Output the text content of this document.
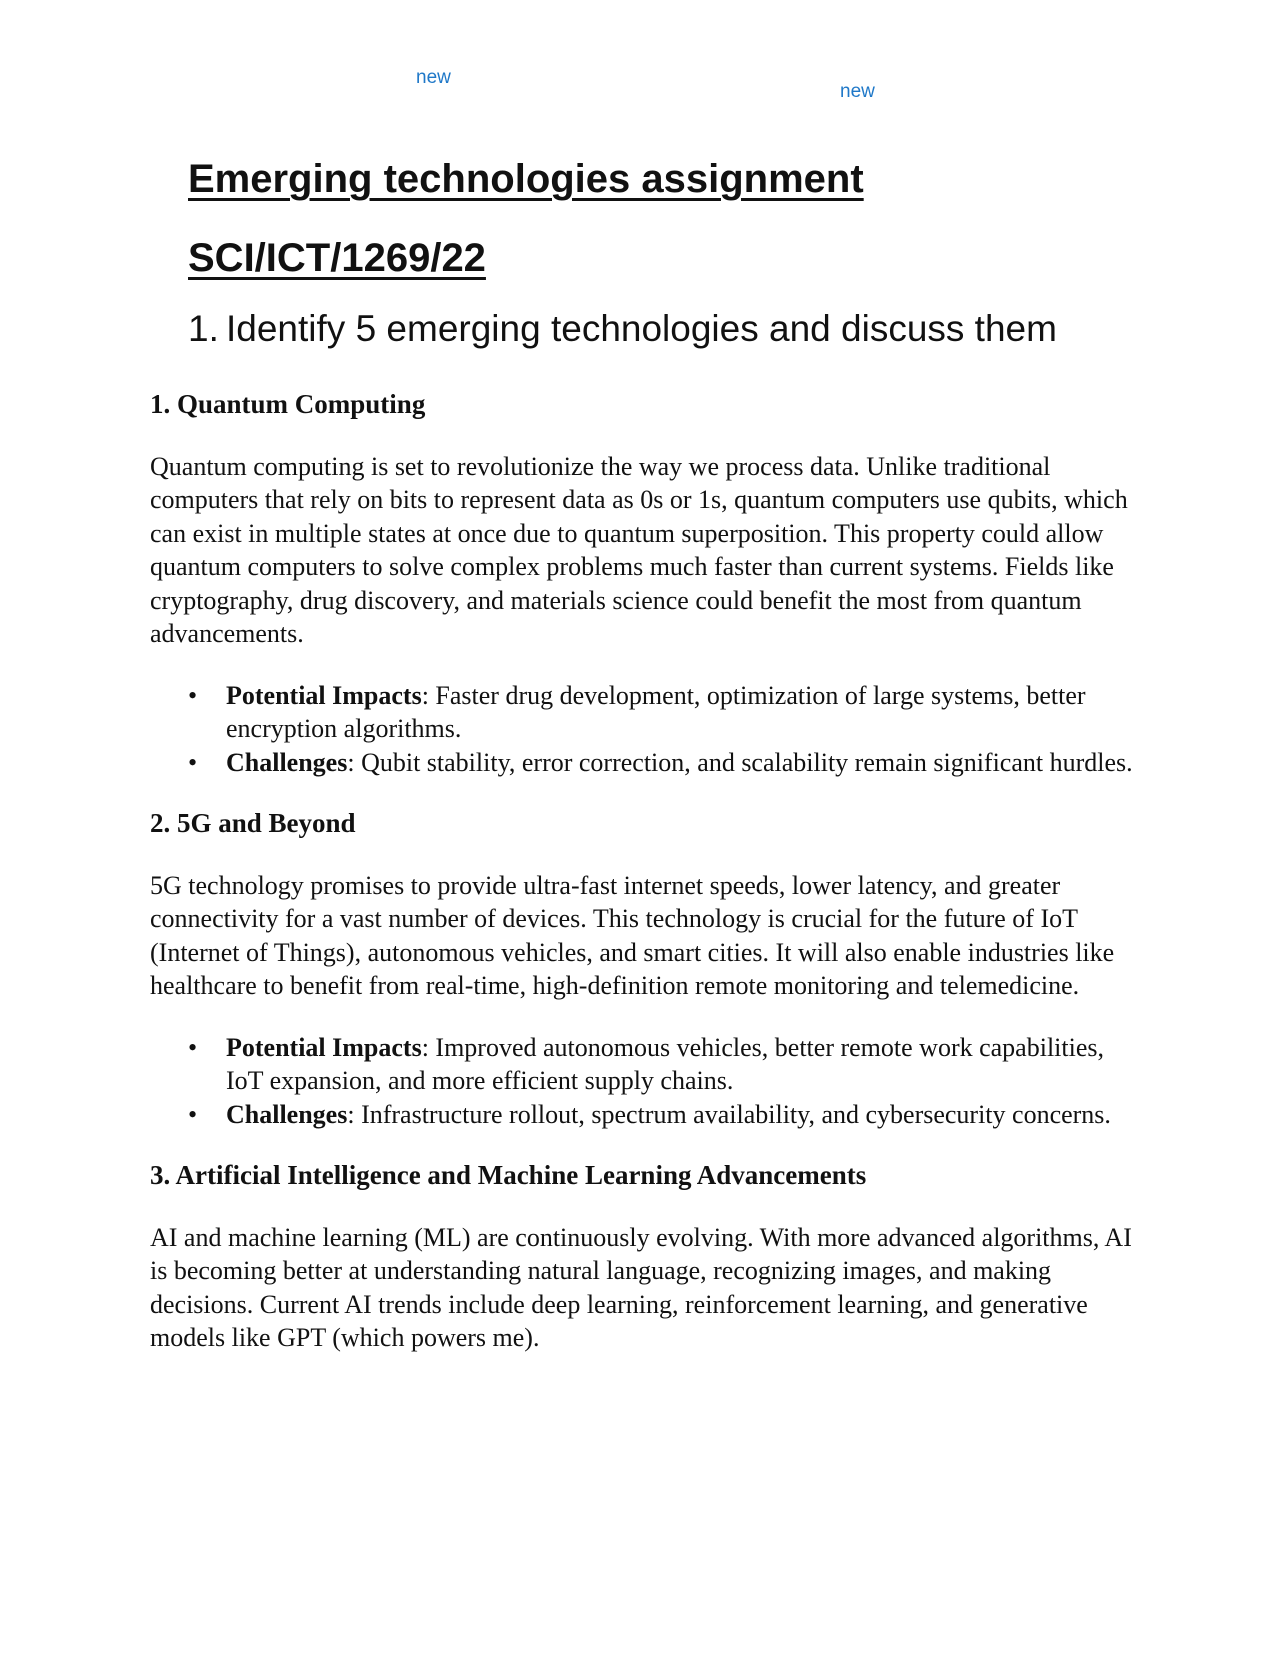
new
new
Emerging technologies assignment
SCI/ICT/1269/22
1. Identify 5 emerging technologies and discuss them
1. Quantum Computing

Quantum computing is set to revolutionize the way we process data. Unlike traditional computers that rely on bits to represent data as 0s or 1s, quantum computers use qubits, which can exist in multiple states at once due to quantum superposition. This property could allow quantum computers to solve complex problems much faster than current systems. Fields like cryptography, drug discovery, and materials science could benefit the most from quantum advancements.

• Potential Impacts: Faster drug development, optimization of large systems, better encryption algorithms.
• Challenges: Qubit stability, error correction, and scalability remain significant hurdles.
2. 5G and Beyond

5G technology promises to provide ultra-fast internet speeds, lower latency, and greater connectivity for a vast number of devices. This technology is crucial for the future of IoT (Internet of Things), autonomous vehicles, and smart cities. It will also enable industries like healthcare to benefit from real-time, high-definition remote monitoring and telemedicine.

• Potential Impacts: Improved autonomous vehicles, better remote work capabilities, IoT expansion, and more efficient supply chains.
• Challenges: Infrastructure rollout, spectrum availability, and cybersecurity concerns.
3. Artificial Intelligence and Machine Learning Advancements

AI and machine learning (ML) are continuously evolving. With more advanced algorithms, AI is becoming better at understanding natural language, recognizing images, and making decisions. Current AI trends include deep learning, reinforcement learning, and generative models like GPT (which powers me).
